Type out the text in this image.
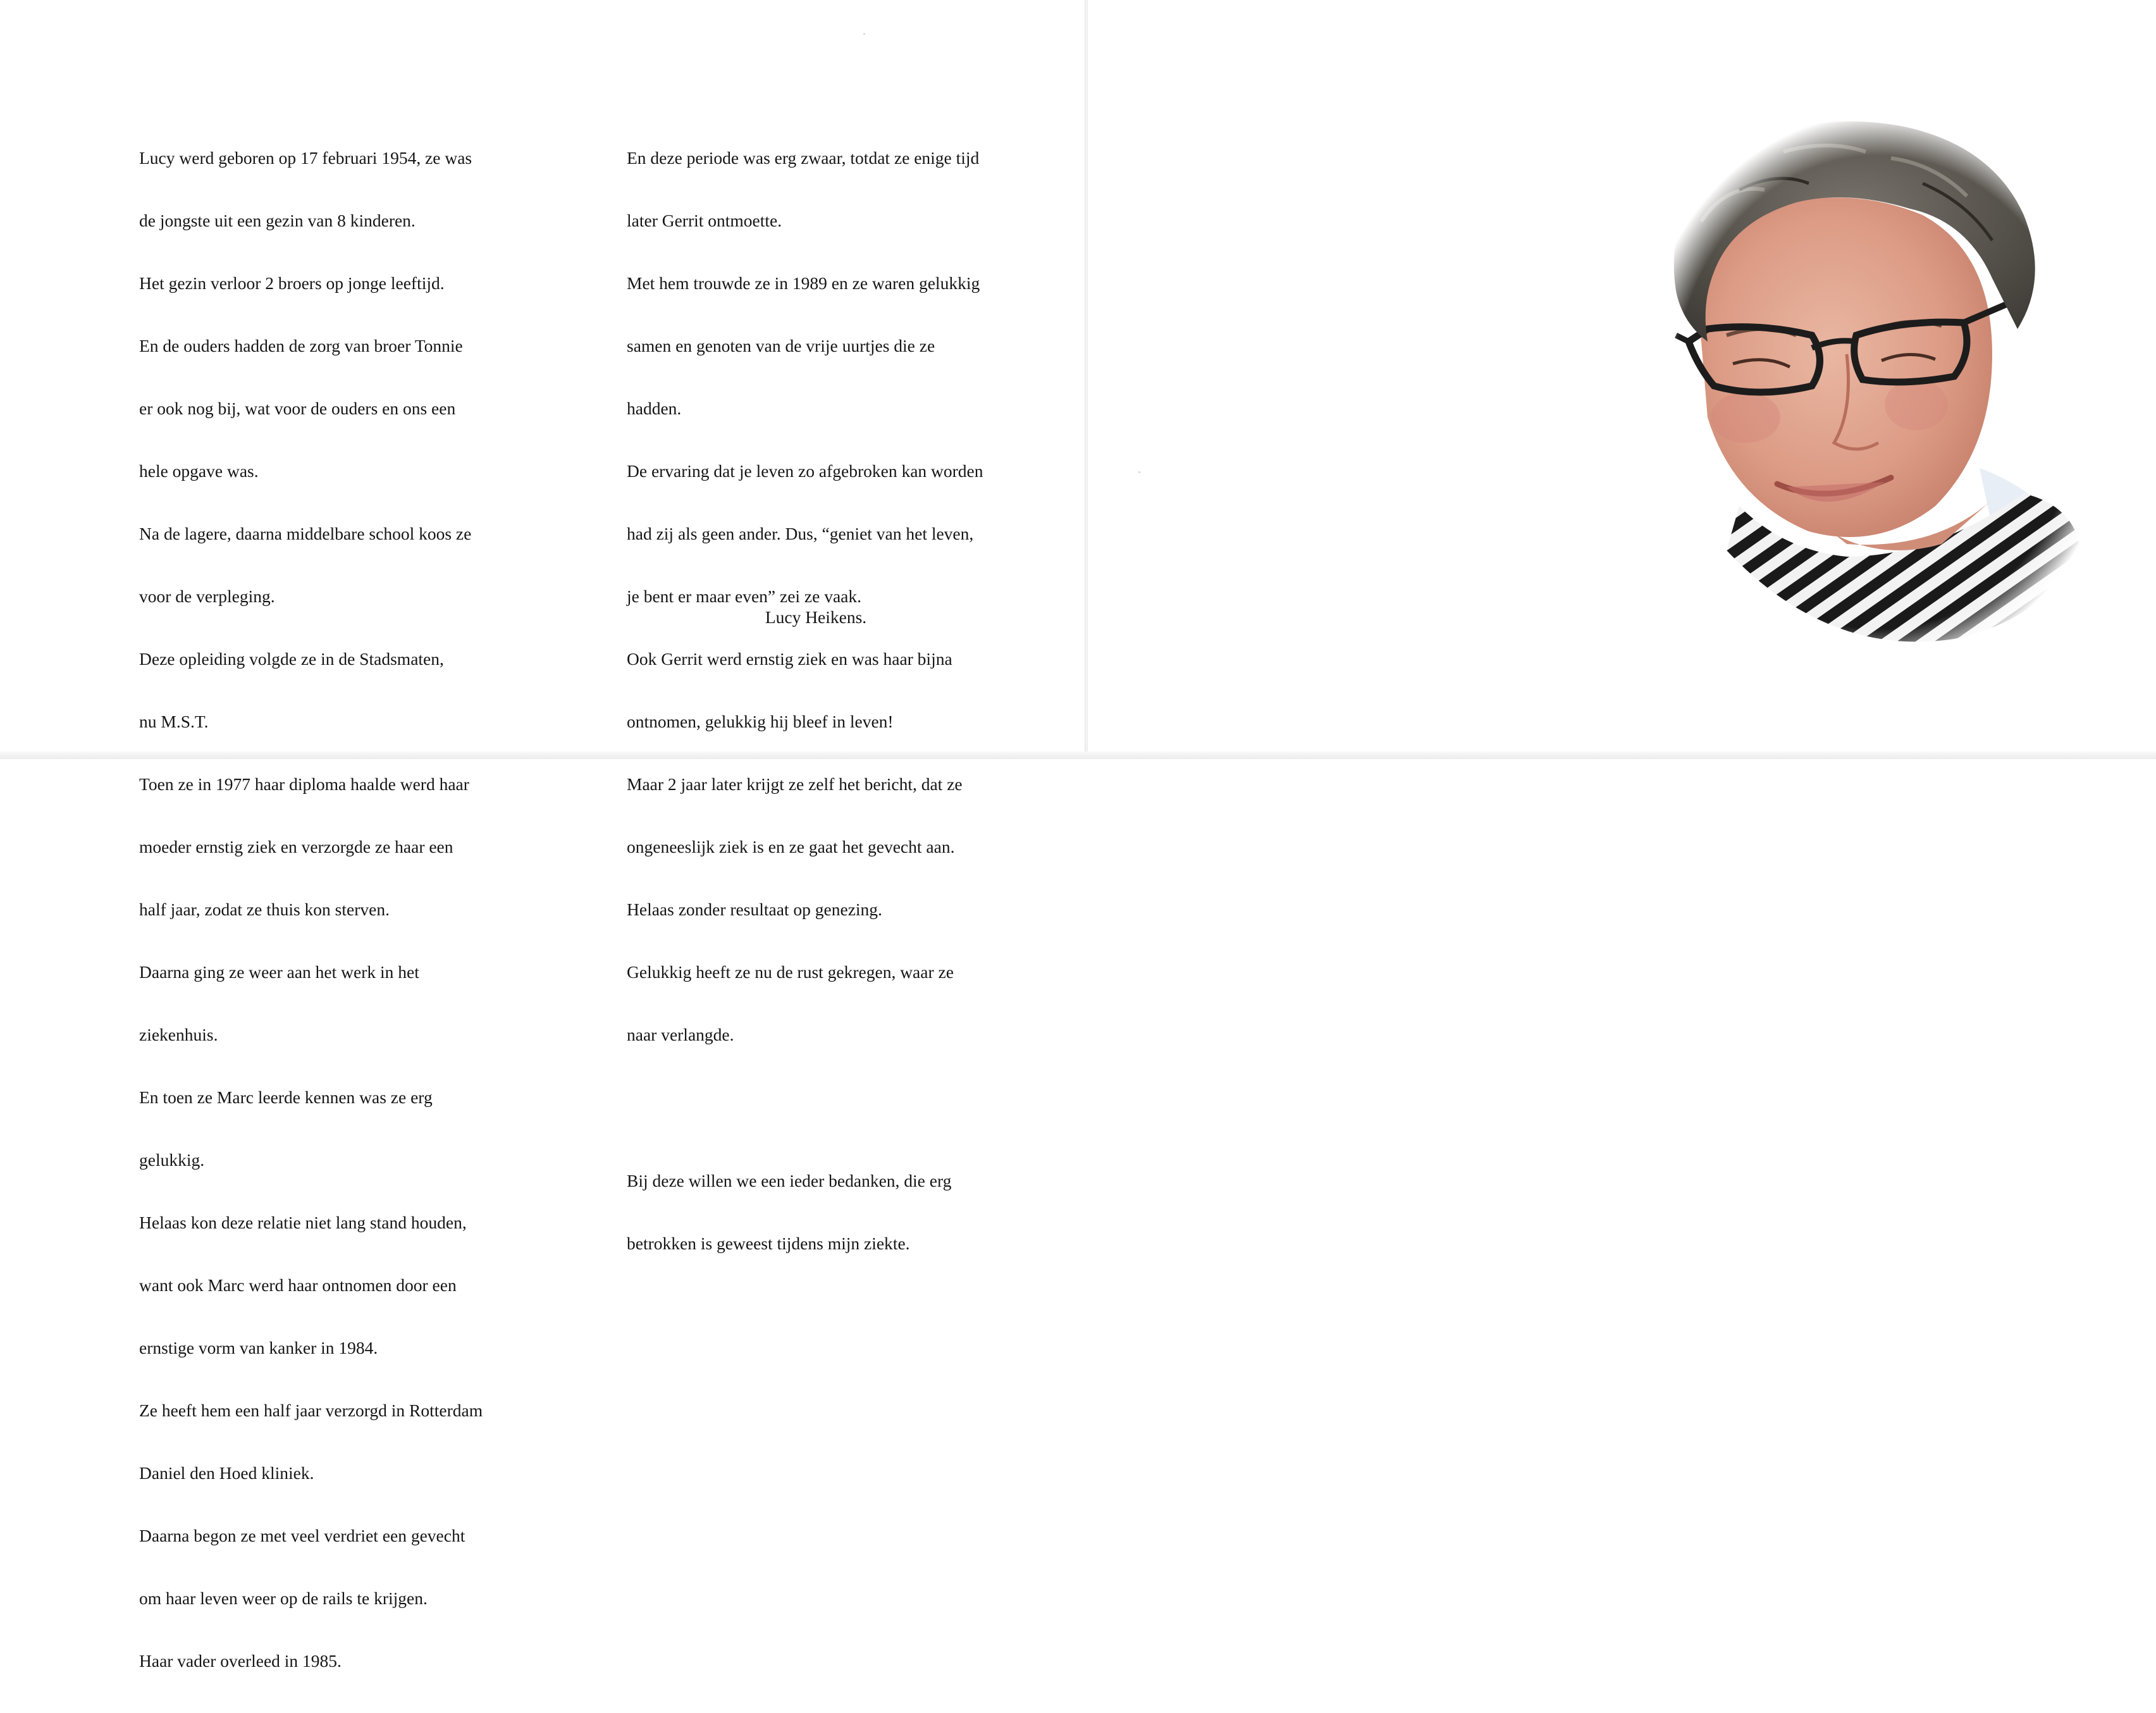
Lucy werd geboren op 17 februari 1954, ze was

de jongste uit een gezin van 8 kinderen.

Het gezin verloor 2 broers op jonge leeftijd.

En de ouders hadden de zorg van broer Tonnie

er ook nog bij, wat voor de ouders en ons een

hele opgave was.

Na de lagere, daarna middelbare school koos ze

voor de verpleging.

Deze opleiding volgde ze in de Stadsmaten,

nu M.S.T.

Toen ze in 1977 haar diploma haalde werd haar

moeder ernstig ziek en verzorgde ze haar een

half jaar, zodat ze thuis kon sterven.

Daarna ging ze weer aan het werk in het

ziekenhuis.

En toen ze Marc leerde kennen was ze erg

gelukkig.

Helaas kon deze relatie niet lang stand houden,

want ook Marc werd haar ontnomen door een

ernstige vorm van kanker in 1984.

Ze heeft hem een half jaar verzorgd in Rotterdam

Daniel den Hoed kliniek.

Daarna begon ze met veel verdriet een gevecht

om haar leven weer op de rails te krijgen.

Haar vader overleed in 1985.

En deze periode was erg zwaar, totdat ze enige tijd

later Gerrit ontmoette.

Met hem trouwde ze in 1989 en ze waren gelukkig

samen en genoten van de vrije uurtjes die ze

hadden.

De ervaring dat je leven zo afgebroken kan worden

had zij als geen ander. Dus, “geniet van het leven,

je bent er maar even” zei ze vaak.

Ook Gerrit werd ernstig ziek en was haar bijna

ontnomen, gelukkig hij bleef in leven!

Maar 2 jaar later krijgt ze zelf het bericht, dat ze

ongeneeslijk ziek is en ze gaat het gevecht aan.

Helaas zonder resultaat op genezing.

Gelukkig heeft ze nu de rust gekregen, waar ze

naar verlangde.

Bij deze willen we een ieder bedanken, die erg

betrokken is geweest tijdens mijn ziekte.

Lucy Heikens.
